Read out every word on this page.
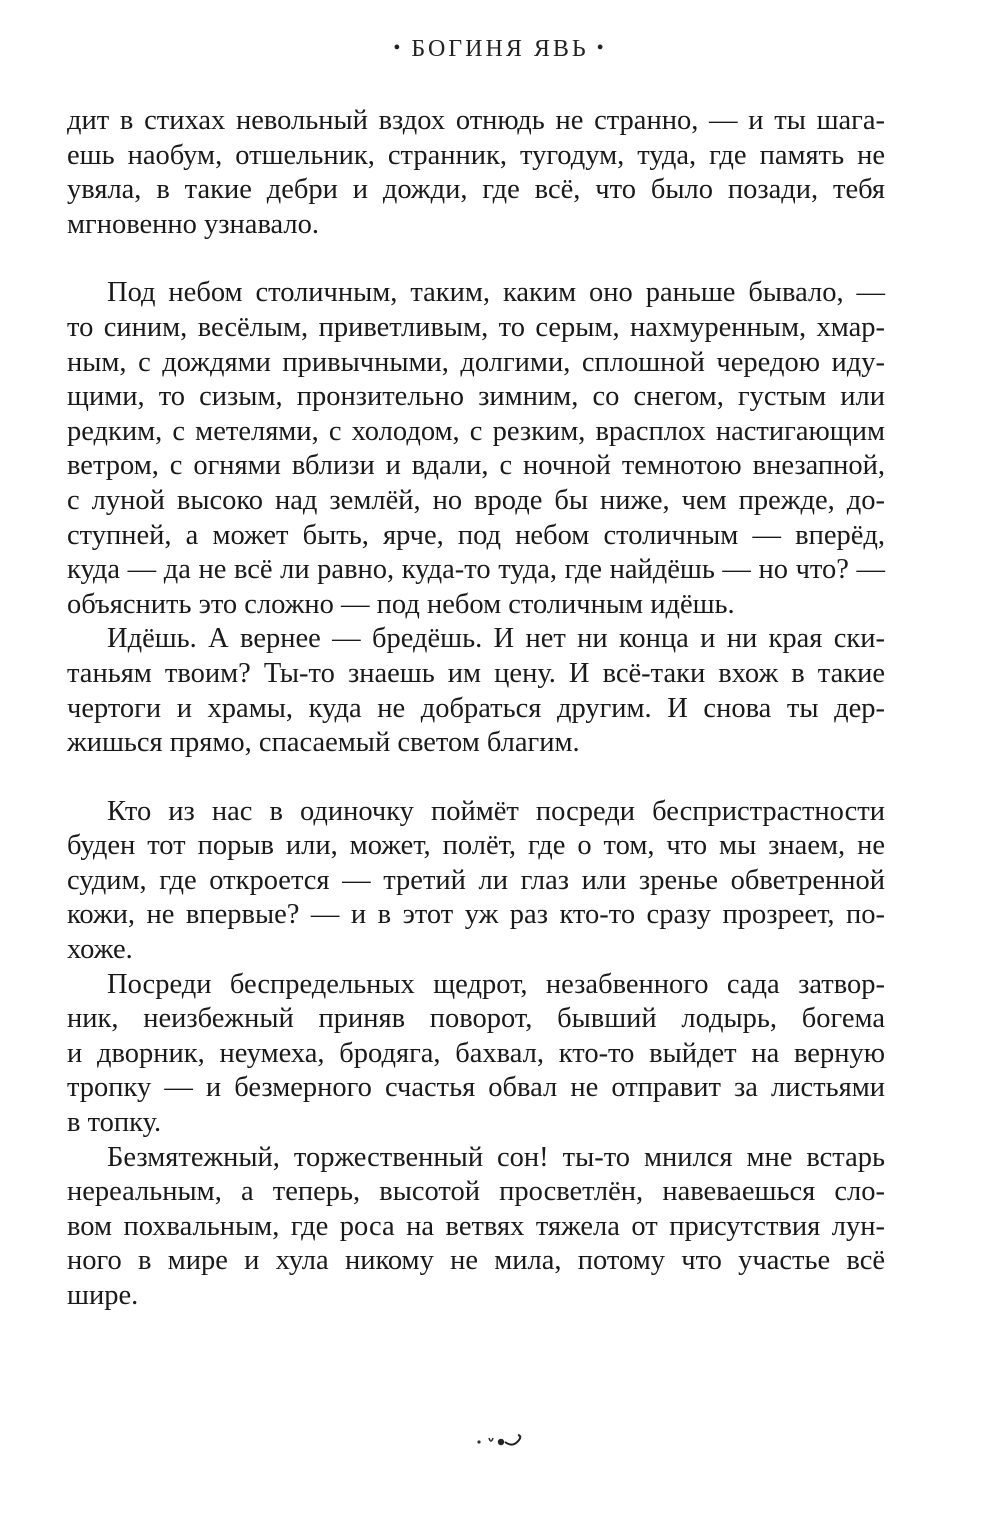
• БОГИНЯ ЯВЬ •

дит в стихах невольный вздох отнюдь не странно, — и ты шага-
ешь наобум, отшельник, странник, тугодум, туда, где память не
увяла, в такие дебри и дожди, где всё, что было позади, тебя
мгновенно узнавало.

Под небом столичным, таким, каким оно раньше бывало, —
то синим, весёлым, приветливым, то серым, нахмуренным, хмар-
ным, с дождями привычными, долгими, сплошной чередою иду-
щими, то сизым, пронзительно зимним, со снегом, густым или
редким, с метелями, с холодом, с резким, врасплох настигающим
ветром, с огнями вблизи и вдали, с ночной темнотою внезапной,
с луной высоко над землёй, но вроде бы ниже, чем прежде, до-
ступней, а может быть, ярче, под небом столичным — вперёд,
куда — да не всё ли равно, куда-то туда, где найдёшь — но что? —
объяснить это сложно — под небом столичным идёшь.

Идёшь. А вернее — бредёшь. И нет ни конца и ни края ски-
таньям твоим? Ты-то знаешь им цену. И всё-таки вхож в такие
чертоги и храмы, куда не добраться другим. И снова ты дер-
жишься прямо, спасаемый светом благим.

Кто из нас в одиночку поймёт посреди беспристрастности
буден тот порыв или, может, полёт, где о том, что мы знаем, не
судим, где откроется — третий ли глаз или зренье обветренной
кожи, не впервые? — и в этот уж раз кто-то сразу прозреет, по-
хоже.

Посреди беспредельных щедрот, незабвенного сада затвор-
ник, неизбежный приняв поворот, бывший лодырь, богема
и дворник, неумеха, бродяга, бахвал, кто-то выйдет на верную
тропку — и безмерного счастья обвал не отправит за листьями
в топку.

Безмятежный, торжественный сон! ты-то мнился мне встарь
нереальным, а теперь, высотой просветлён, навеваешься сло-
вом похвальным, где роса на ветвях тяжела от присутствия лун-
ного в мире и хула никому не мила, потому что участье всё
шире.
